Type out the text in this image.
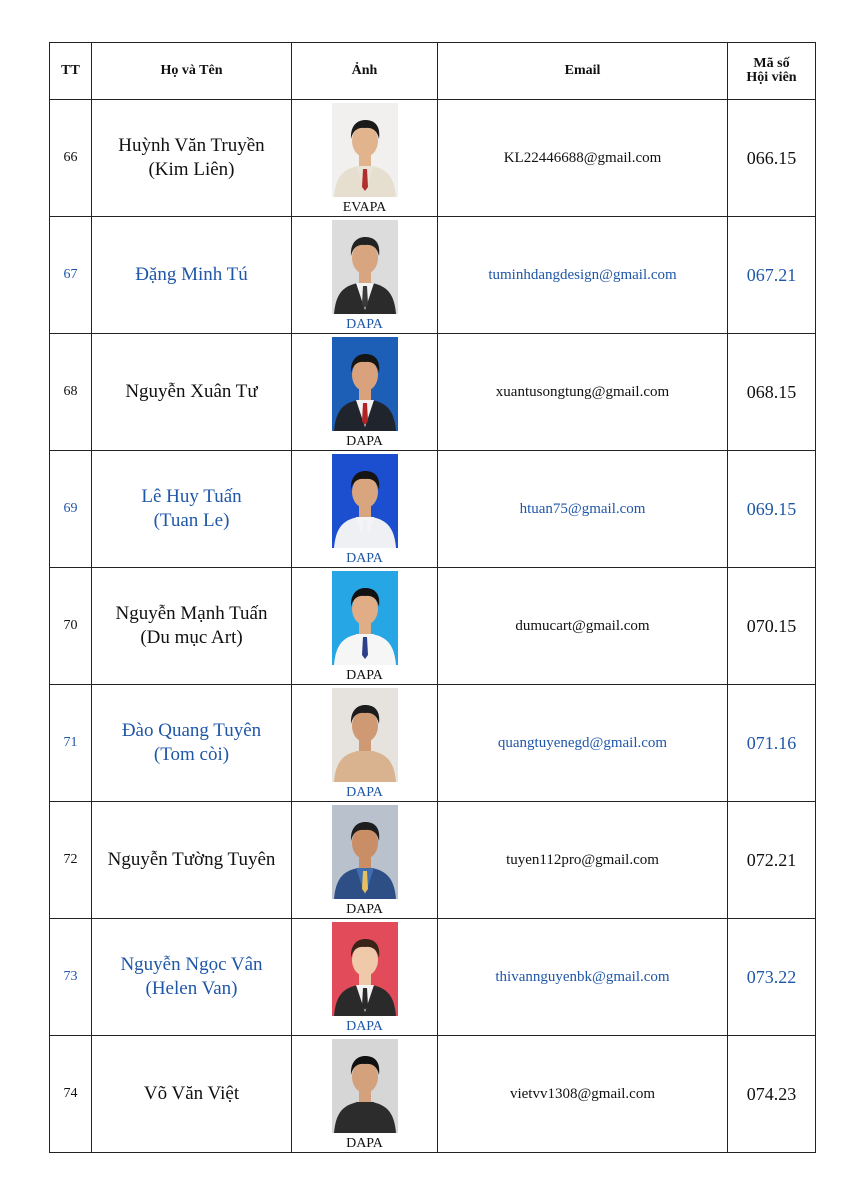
TT	Họ và Tên	Ảnh	Email	Mã số
Hội viên

66	Huỳnh Văn Truyền
(Kim Liên)	EVAPA	KL22446688@gmail.com	066.15
67	Đặng Minh Tú	DAPA	tuminhdangdesign@gmail.com	067.21
68	Nguyễn Xuân Tư	DAPA	xuantusongtung@gmail.com	068.15
69	Lê Huy Tuấn
(Tuan Le)	DAPA	htuan75@gmail.com	069.15
70	Nguyễn Mạnh Tuấn
(Du mục Art)	DAPA	dumucart@gmail.com	070.15
71	Đào Quang Tuyên
(Tom còi)	DAPA	quangtuyenegd@gmail.com	071.16
72	Nguyễn Tường Tuyên	DAPA	tuyen112pro@gmail.com	072.21
73	Nguyễn Ngọc Vân
(Helen Van)	DAPA	thivannguyenbk@gmail.com	073.22
74	Võ Văn Việt	DAPA	vietvv1308@gmail.com	074.23
